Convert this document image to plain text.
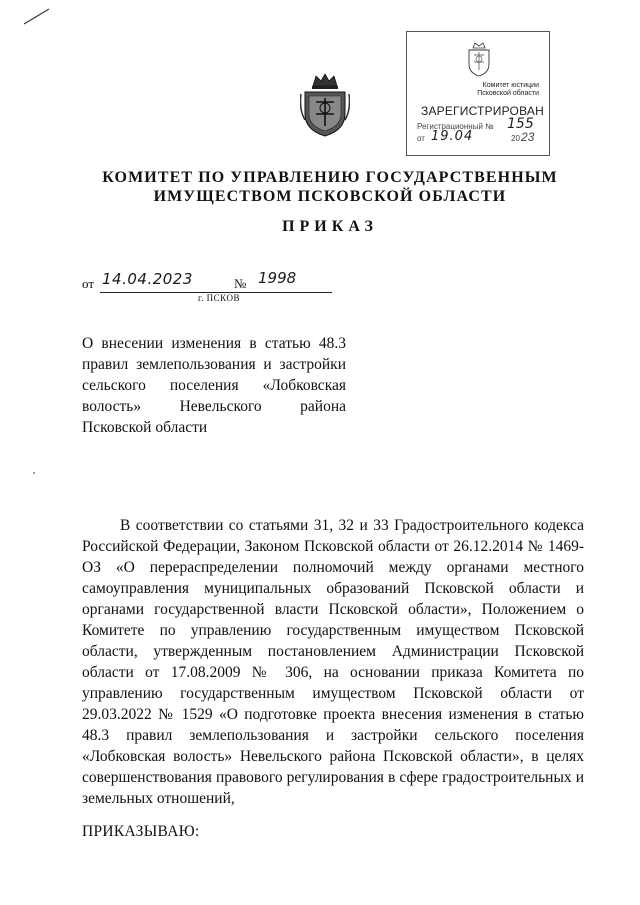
Комитет юстиции
Псковской области
ЗАРЕГИСТРИРОВАН
Регистрационный № 155
от 19.04	20 23
КОМИТЕТ ПО УПРАВЛЕНИЮ ГОСУДАРСТВЕННЫМ ИМУЩЕСТВОМ ПСКОВСКОЙ ОБЛАСТИ
ПРИКАЗ
от 14.04.2023	№ 1998
г. ПСКОВ
О внесении изменения в статью 48.3 правил землепользования и застройки сельского поселения «Лобковская волость» Невельского района Псковской области
В соответствии со статьями 31, 32 и 33 Градостроительного кодекса Российской Федерации, Законом Псковской области от 26.12.2014 № 1469-ОЗ «О перераспределении полномочий между органами местного самоуправления муниципальных образований Псковской области и органами государственной власти Псковской области», Положением о Комитете по управлению государственным имуществом Псковской области, утвержденным постановлением Администрации Псковской области от 17.08.2009 № 306, на основании приказа Комитета по управлению государственным имуществом Псковской области от 29.03.2022 № 1529 «О подготовке проекта внесения изменения в статью 48.3 правил землепользования и застройки сельского поселения «Лобковская волость» Невельского района Псковской области», в целях совершенствования правового регулирования в сфере градостроительных и земельных отношений,
ПРИКАЗЫВАЮ:
